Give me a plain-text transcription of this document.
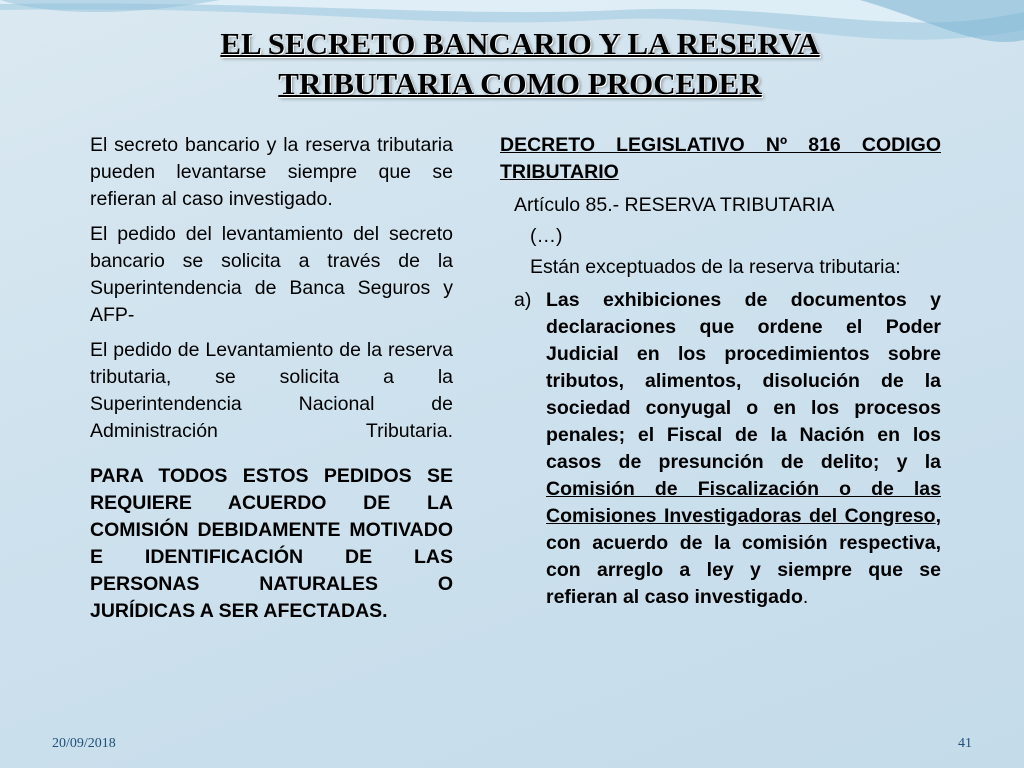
EL SECRETO BANCARIO Y LA RESERVA
TRIBUTARIA COMO PROCEDER

El secreto bancario y la reserva tributaria pueden levantarse siempre que se refieran al caso investigado.

El pedido del levantamiento del secreto bancario se solicita a través de la Superintendencia de Banca Seguros y AFP-

El pedido de Levantamiento de la reserva tributaria, se solicita a la Superintendencia Nacional de Administración Tributaria.

PARA TODOS ESTOS PEDIDOS SE REQUIERE ACUERDO DE LA COMISIÓN DEBIDAMENTE MOTIVADO E IDENTIFICACIÓN DE LAS PERSONAS NATURALES O JURÍDICAS A SER AFECTADAS.

DECRETO LEGISLATIVO Nº 816 CODIGO TRIBUTARIO

Artículo 85.- RESERVA TRIBUTARIA

(…)

Están exceptuados de la reserva tributaria:

a) Las exhibiciones de documentos y declaraciones que ordene el Poder Judicial en los procedimientos sobre tributos, alimentos, disolución de la sociedad conyugal o en los procesos penales; el Fiscal de la Nación en los casos de presunción de delito; y la Comisión de Fiscalización o de las Comisiones Investigadoras del Congreso, con acuerdo de la comisión respectiva, con arreglo a ley y siempre que se refieran al caso investigado.
20/09/2018	41
